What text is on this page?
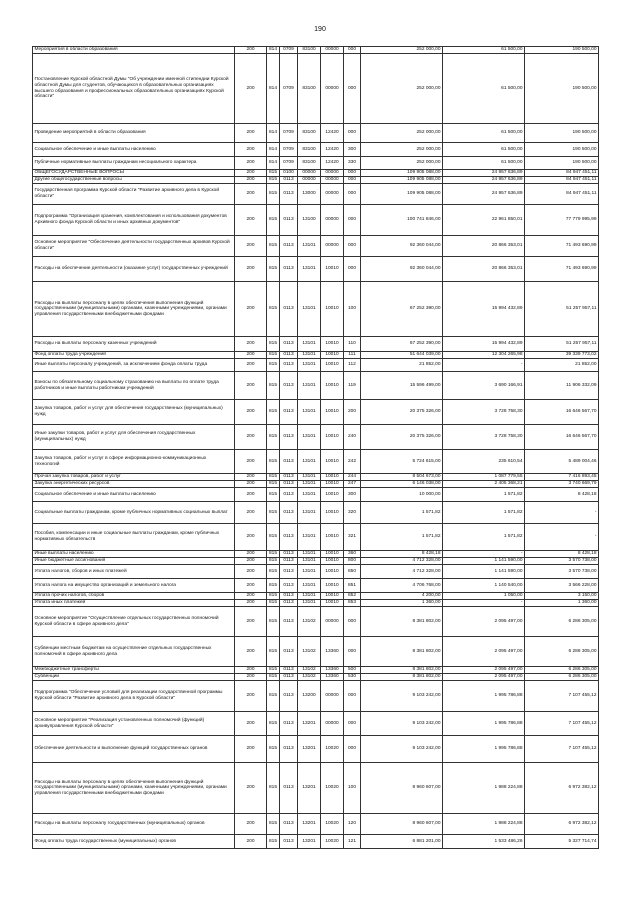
190
Мероприятия в области образования	200	814	0709	83100	00000	000	252 000,00	61 500,00	190 500,00
Постановление Курской областной Думы "Об учреждении именной стипендии Курской областной Думы для студентов, обучающихся в образовательных организациях высшего образования и профессиональных образовательных организациях Курской области"	200	814	0709	83100	00000	000	252 000,00	61 500,00	190 500,00
Проведение мероприятий в области образования	200	814	0709	83100	12420	000	252 000,00	61 500,00	190 500,00
Социальное обеспечение и иные выплаты населению	200	814	0709	83100	12420	300	252 000,00	61 500,00	190 500,00
Публичные нормативные выплаты гражданам несоциального характера	200	814	0709	83100	12420	330	252 000,00	61 500,00	190 500,00
ОБЩЕГОСУДАРСТВЕННЫЕ ВОПРОСЫ	200	815	0100	00000	00000	000	109 905 088,00	24 957 636,89	84 947 451,11
Другие общегосударственные вопросы	200	815	0113	00000	00000	000	109 905 088,00	24 957 636,89	84 947 451,11
Государственная программа Курской области "Развитие архивного дела в Курской области"	200	815	0113	13000	00000	000	109 905 088,00	24 957 636,89	84 947 451,11
Подпрограмма "Организация хранения, комплектования и использования документов Архивного фонда Курской области и иных архивных документов"	200	815	0113	13100	00000	000	100 741 846,00	22 961 850,01	77 779 995,99
Основное мероприятие "Обеспечение деятельности государственных архивов Курской области"	200	815	0113	13101	00000	000	92 360 044,00	20 866 353,01	71 493 690,99
Расходы на обеспечение деятельности (оказание услуг) государственных учреждений	200	815	0113	13101	10010	000	92 360 044,00	20 866 353,01	71 493 690,99
Расходы на выплаты персоналу в целях обеспечения выполнения функций государственными (муниципальными) органами, казенными учреждениями, органами управления государственными внебюджетными фондами	200	815	0113	13101	10010	100	67 252 390,00	15 994 432,89	51 257 957,11
Расходы на выплаты персоналу казенных учреждений	200	815	0113	13101	10010	110	67 252 390,00	15 994 432,89	51 257 957,11
Фонд оплаты труда учреждений	200	815	0113	13101	10010	111	51 644 039,00	12 304 265,98	39 339 773,02
Иные выплаты персоналу учреждений, за исключением фонда оплаты труда	200	815	0113	13101	10010	112	21 852,00	-	21 852,00
Взносы по обязательному социальному страхованию на выплаты по оплате труда работников и иные выплаты работникам учреждений	200	815	0113	13101	10010	119	15 596 499,00	3 690 166,91	11 906 332,09
Закупка товаров, работ и услуг для обеспечения государственных (муниципальных) нужд	200	815	0113	13101	10010	200	20 375 326,00	3 728 758,30	16 646 567,70
Иные закупки товаров, работ и услуг для обеспечения государственных (муниципальных) нужд	200	815	0113	13101	10010	240	20 375 326,00	3 728 758,30	16 646 567,70
Закупка товаров, работ и услуг в сфере информационно-коммуникационных технологий	200	815	0113	13101	10010	242	5 724 615,00	235 610,54	5 489 004,46
Прочая закупка товаров, работ и услуг	200	815	0113	13101	10010	244	8 504 673,00	1 087 779,55	7 416 893,45
Закупка энергетических ресурсов	200	815	0113	13101	10010	247	6 146 038,00	2 405 368,21	3 740 669,79
Социальное обеспечение и иные выплаты населению	200	815	0113	13101	10010	300	10 000,00	1 571,82	8 428,18
Социальные выплаты гражданам, кроме публичных нормативных социальных выплат	200	815	0113	13101	10010	320	1 571,82	1 571,82	-
Пособия, компенсации и иные социальные выплаты гражданам, кроме публичных нормативных обязательств	200	815	0113	13101	10010	321	1 571,82	1 571,82	-
Иные выплаты населению	200	815	0113	13101	10010	360	8 428,18	-	8 428,18
Иные бюджетные ассигнования	200	815	0113	13101	10010	800	4 712 328,00	1 141 590,00	3 570 738,00
Уплата налогов, сборов и иных платежей	200	815	0113	13101	10010	850	4 712 328,00	1 141 590,00	3 570 738,00
Уплата налога на имущество организаций и земельного налога	200	815	0113	13101	10010	851	4 706 768,00	1 140 540,00	3 566 228,00
Уплата прочих налогов, сборов	200	815	0113	13101	10010	852	4 200,00	1 050,00	3 150,00
Уплата иных платежей	200	815	0113	13101	10010	853	1 360,00	-	1 360,00
Основное мероприятие "Осуществление отдельных государственных полномочий Курской области в сфере архивного дела"	200	815	0113	13102	00000	000	8 381 802,00	2 095 497,00	6 286 305,00
Субвенции местным бюджетам на осуществление отдельных государственных полномочий в сфере архивного дела	200	815	0113	13102	13360	000	8 381 802,00	2 095 497,00	6 286 305,00
Межбюджетные трансферты	200	815	0113	13102	13360	500	8 381 802,00	2 095 497,00	6 286 305,00
Субвенции	200	815	0113	13102	13360	530	8 381 802,00	2 095 497,00	6 286 305,00
Подпрограмма "Обеспечение условий для реализации государственной программы Курской области "Развитие архивного дела в Курской области"	200	815	0113	13200	00000	000	9 103 242,00	1 995 786,88	7 107 455,12
Основное мероприятие "Реализация установленных полномочий (функций) архивуправления Курской области"	200	815	0113	13201	00000	000	9 103 242,00	1 995 786,88	7 107 455,12
Обеспечение деятельности и выполнение функций государственных органов	200	815	0113	13201	10020	000	9 103 242,00	1 995 786,88	7 107 455,12
Расходы на выплаты персоналу в целях обеспечения выполнения функций государственными (муниципальными) органами, казенными учреждениями, органами управления государственными внебюджетными фондами	200	815	0113	13201	10020	100	8 960 607,00	1 988 224,88	6 972 382,12
Расходы на выплаты персоналу государственных (муниципальных) органов	200	815	0113	13201	10020	120	8 960 607,00	1 988 224,88	6 972 382,12
Фонд оплаты труда государственных (муниципальных) органов	200	815	0113	13201	10020	121	6 881 201,00	1 533 486,26	5 327 714,74
